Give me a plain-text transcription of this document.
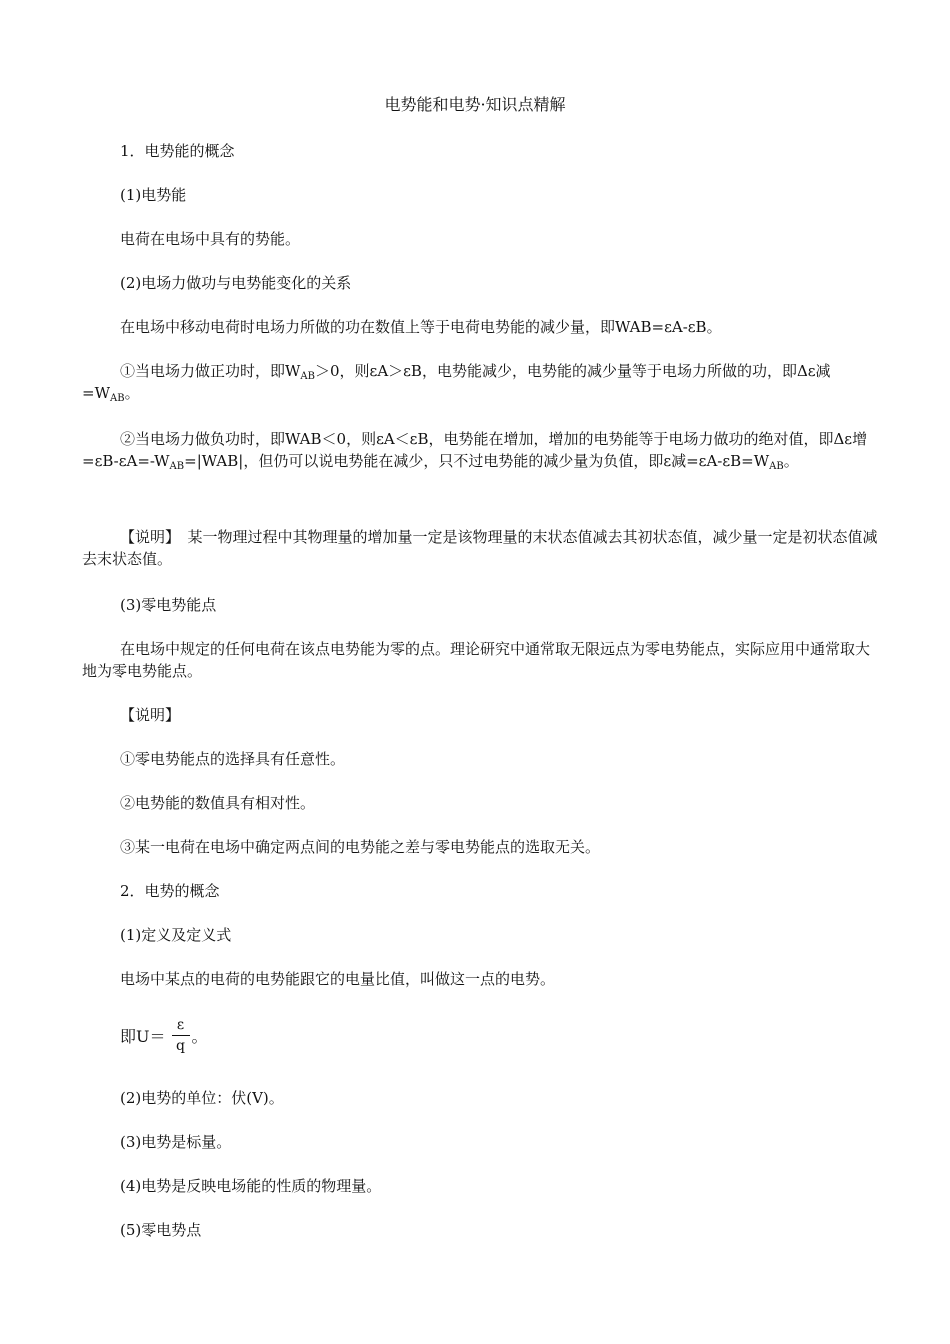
电势能和电势·知识点精解
1．电势能的概念
(1)电势能
电荷在电场中具有的势能。
(2)电场力做功与电势能变化的关系
在电场中移动电荷时电场力所做的功在数值上等于电荷电势能的减少量，即WAB=εA-εB。
①当电场力做正功时，即$W_{AB}>0$，则εA＞εB，电势能减少，电势能的减少量等于电场力所做的功，即Δε减$=W_{AB}$。
②当电场力做负功时，即WAB＜0，则εA＜εB，电势能在增加，增加的电势能等于电场力做功的绝对值，即Δε增$=\varepsilon B-\varepsilon A=-W_{AB}=|WAB|$，但仍可以说电势能在减少，只不过电势能的减少量为负值，即ε减$=\varepsilon A-\varepsilon B=W_{AB}$。
【说明】　某一物理过程中其物理量的增加量一定是该物理量的末状态值减去其初状态值，减少量一定是初状态值减去末状态值。
(3)零电势能点
在电场中规定的任何电荷在该点电势能为零的点。理论研究中通常取无限远点为零电势能点，实际应用中通常取大地为零电势能点。
【说明】
①零电势能点的选择具有任意性。
②电势能的数值具有相对性。
③某一电荷在电场中确定两点间的电势能之差与零电势能点的选取无关。
2．电势的概念
(1)定义及定义式
电场中某点的电荷的电势能跟它的电量比值，叫做这一点的电势。
即$U= \frac{\varepsilon}{q}$ 。
(2)电势的单位：伏(V)。
(3)电势是标量。
(4)电势是反映电场能的性质的物理量。
(5)零电势点
